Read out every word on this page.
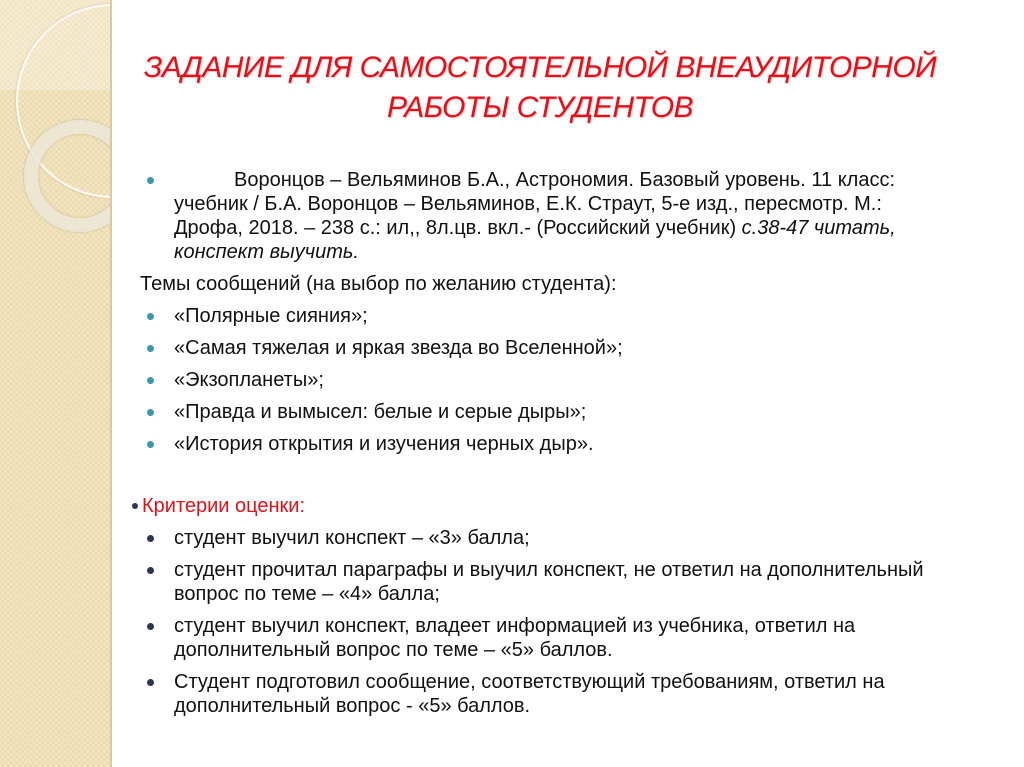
ЗАДАНИЕ ДЛЯ САМОСТОЯТЕЛЬНОЙ ВНЕАУДИТОРНОЙ
РАБОТЫ СТУДЕНТОВ
Воронцов – Вельяминов Б.А., Астрономия. Базовый уровень. 11 класс: учебник / Б.А. Воронцов – Вельяминов, Е.К. Страут, 5-е изд., пересмотр. М.: Дрофа, 2018. – 238 с.: ил,, 8л.цв. вкл.- (Российский учебник) с.38-47 читать, конспект выучить.
Темы сообщений (на выбор по желанию студента):
«Полярные сияния»;
«Самая тяжелая и яркая звезда во Вселенной»;
«Экзопланеты»;
«Правда и вымысел: белые и серые дыры»;
«История открытия и изучения черных дыр».
Критерии оценки:
студент выучил конспект – «3» балла;
студент прочитал параграфы и выучил конспект, не ответил на дополнительный вопрос по теме – «4» балла;
студент выучил конспект, владеет информацией из учебника, ответил на дополнительный вопрос по теме – «5» баллов.
Студент подготовил сообщение, соответствующий требованиям, ответил на дополнительный вопрос - «5» баллов.
